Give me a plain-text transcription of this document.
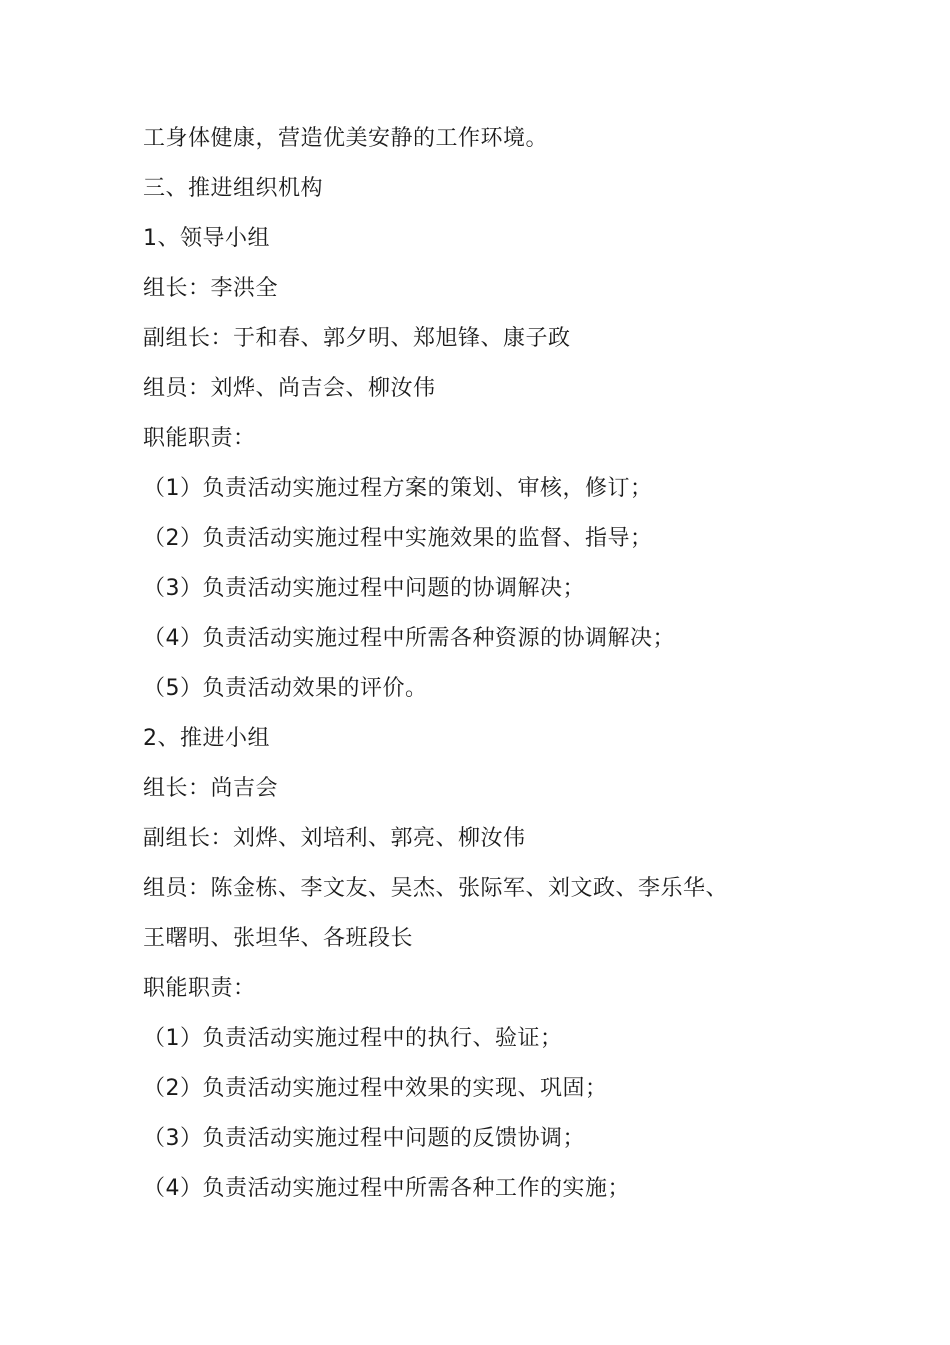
工身体健康，营造优美安静的工作环境。
三、推进组织机构
1、领导小组
组长：李洪全
副组长：于和春、郭夕明、郑旭锋、康子政
组员：刘烨、尚吉会、柳汝伟
职能职责：
（1）负责活动实施过程方案的策划、审核，修订；
（2）负责活动实施过程中实施效果的监督、指导；
（3）负责活动实施过程中问题的协调解决；
（4）负责活动实施过程中所需各种资源的协调解决；
（5）负责活动效果的评价。
2、推进小组
组长：尚吉会
副组长：刘烨、刘培利、郭亮、柳汝伟
组员：陈金栋、李文友、吴杰、张际军、刘文政、李乐华、
王曙明、张坦华、各班段长
职能职责：
（1）负责活动实施过程中的执行、验证；
（2）负责活动实施过程中效果的实现、巩固；
（3）负责活动实施过程中问题的反馈协调；
（4）负责活动实施过程中所需各种工作的实施；
